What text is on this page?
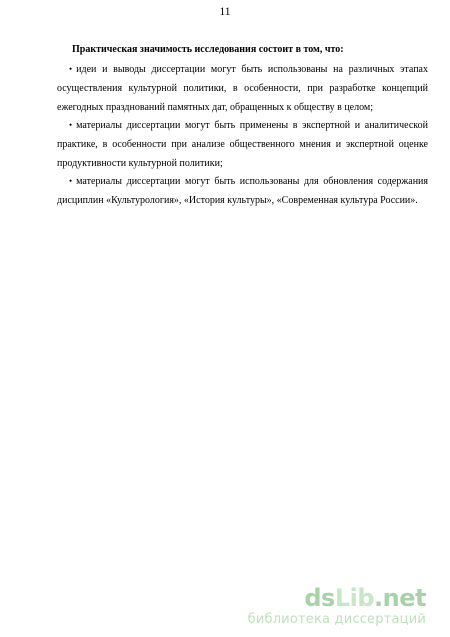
11
Практическая значимость исследования состоит в том, что:
• идеи и выводы диссертации могут быть использованы на различных этапах осуществления культурной политики, в особенности, при разработке концепций ежегодных празднований памятных дат, обращенных к обществу в целом;
• материалы диссертации могут быть применены в экспертной и аналитической практике, в особенности при анализе общественного мнения и экспертной оценке продуктивности культурной политики;
• материалы диссертации могут быть использованы для обновления содержания дисциплин «Культурология», «История культуры», «Современная культура России».
dsLib.net
библиотека диссертаций
